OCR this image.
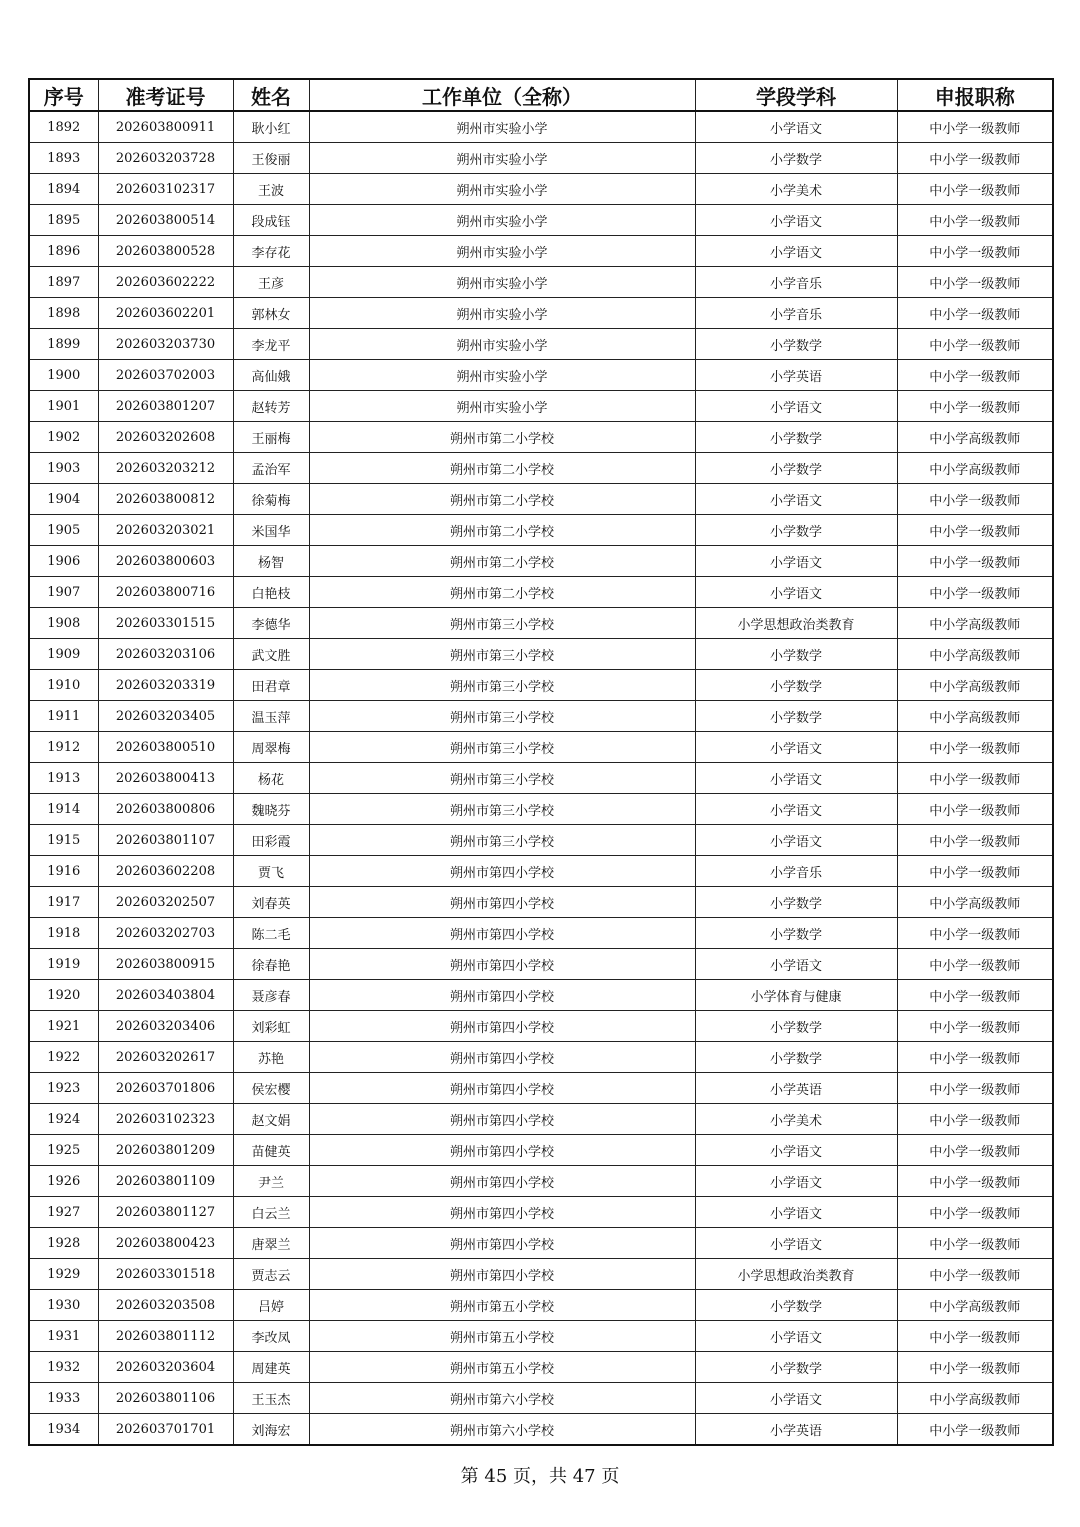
序号	准考证号	姓名	工作单位（全称）	学段学科	申报职称
1892	202603800911	耿小红	朔州市实验小学	小学语文	中小学一级教师
1893	202603203728	王俊丽	朔州市实验小学	小学数学	中小学一级教师
1894	202603102317	王波	朔州市实验小学	小学美术	中小学一级教师
1895	202603800514	段成钰	朔州市实验小学	小学语文	中小学一级教师
1896	202603800528	李存花	朔州市实验小学	小学语文	中小学一级教师
1897	202603602222	王彦	朔州市实验小学	小学音乐	中小学一级教师
1898	202603602201	郭林女	朔州市实验小学	小学音乐	中小学一级教师
1899	202603203730	李龙平	朔州市实验小学	小学数学	中小学一级教师
1900	202603702003	高仙娥	朔州市实验小学	小学英语	中小学一级教师
1901	202603801207	赵转芳	朔州市实验小学	小学语文	中小学一级教师
1902	202603202608	王丽梅	朔州市第二小学校	小学数学	中小学高级教师
1903	202603203212	孟治军	朔州市第二小学校	小学数学	中小学高级教师
1904	202603800812	徐菊梅	朔州市第二小学校	小学语文	中小学一级教师
1905	202603203021	米国华	朔州市第二小学校	小学数学	中小学一级教师
1906	202603800603	杨智	朔州市第二小学校	小学语文	中小学一级教师
1907	202603800716	白艳枝	朔州市第二小学校	小学语文	中小学一级教师
1908	202603301515	李德华	朔州市第三小学校	小学思想政治类教育	中小学高级教师
1909	202603203106	武文胜	朔州市第三小学校	小学数学	中小学高级教师
1910	202603203319	田君章	朔州市第三小学校	小学数学	中小学高级教师
1911	202603203405	温玉萍	朔州市第三小学校	小学数学	中小学高级教师
1912	202603800510	周翠梅	朔州市第三小学校	小学语文	中小学一级教师
1913	202603800413	杨花	朔州市第三小学校	小学语文	中小学一级教师
1914	202603800806	魏晓芬	朔州市第三小学校	小学语文	中小学一级教师
1915	202603801107	田彩霞	朔州市第三小学校	小学语文	中小学一级教师
1916	202603602208	贾飞	朔州市第四小学校	小学音乐	中小学一级教师
1917	202603202507	刘春英	朔州市第四小学校	小学数学	中小学高级教师
1918	202603202703	陈二毛	朔州市第四小学校	小学数学	中小学一级教师
1919	202603800915	徐春艳	朔州市第四小学校	小学语文	中小学一级教师
1920	202603403804	聂彦春	朔州市第四小学校	小学体育与健康	中小学一级教师
1921	202603203406	刘彩虹	朔州市第四小学校	小学数学	中小学一级教师
1922	202603202617	苏艳	朔州市第四小学校	小学数学	中小学一级教师
1923	202603701806	侯宏樱	朔州市第四小学校	小学英语	中小学一级教师
1924	202603102323	赵文娟	朔州市第四小学校	小学美术	中小学一级教师
1925	202603801209	苗健英	朔州市第四小学校	小学语文	中小学一级教师
1926	202603801109	尹兰	朔州市第四小学校	小学语文	中小学一级教师
1927	202603801127	白云兰	朔州市第四小学校	小学语文	中小学一级教师
1928	202603800423	唐翠兰	朔州市第四小学校	小学语文	中小学一级教师
1929	202603301518	贾志云	朔州市第四小学校	小学思想政治类教育	中小学一级教师
1930	202603203508	吕婷	朔州市第五小学校	小学数学	中小学高级教师
1931	202603801112	李改凤	朔州市第五小学校	小学语文	中小学一级教师
1932	202603203604	周建英	朔州市第五小学校	小学数学	中小学一级教师
1933	202603801106	王玉杰	朔州市第六小学校	小学语文	中小学高级教师
1934	202603701701	刘海宏	朔州市第六小学校	小学英语	中小学一级教师
第 45 页，共 47 页
